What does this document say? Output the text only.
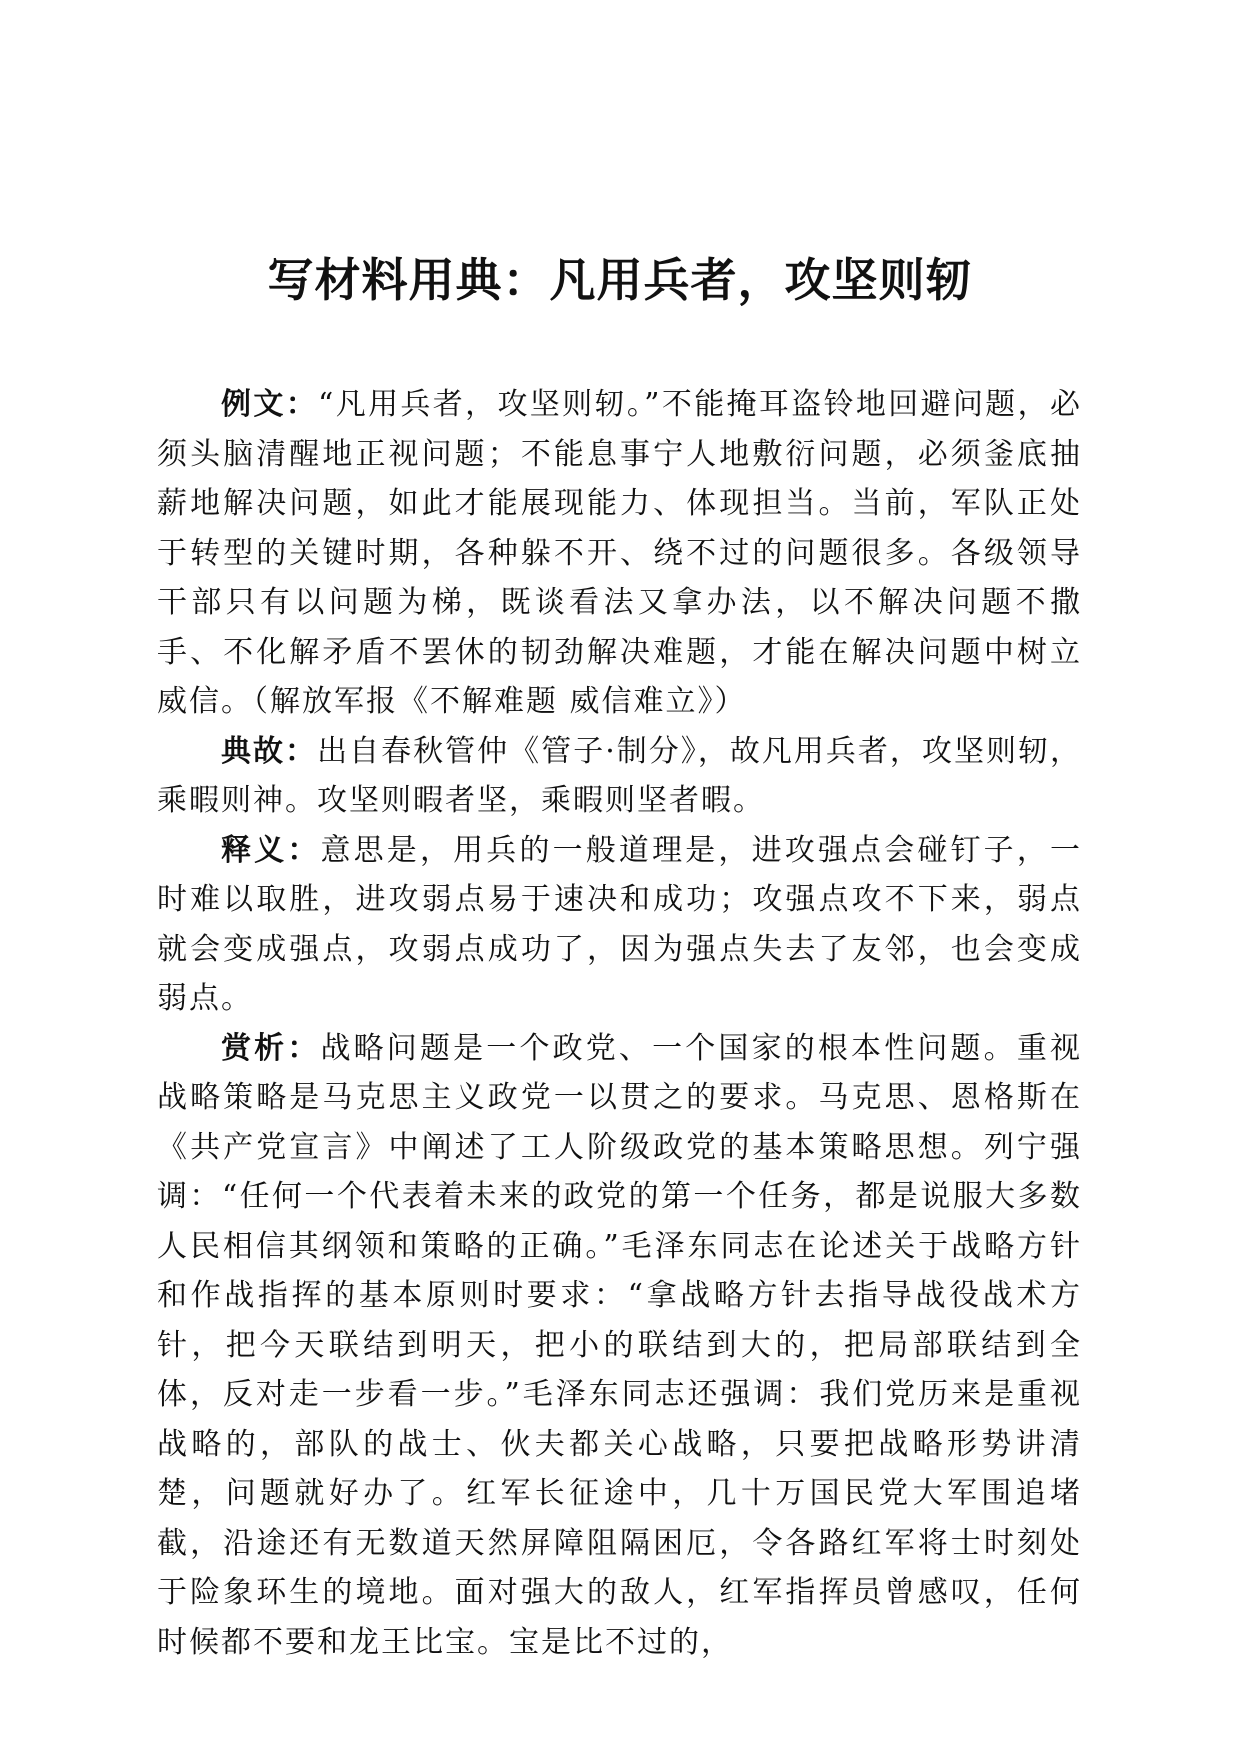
写材料用典：凡用兵者，攻坚则轫

例文：“凡用兵者，攻坚则轫。”不能掩耳盗铃地回避问题，必须头脑清醒地正视问题；不能息事宁人地敷衍问题，必须釜底抽薪地解决问题，如此才能展现能力、体现担当。当前，军队正处于转型的关键时期，各种躲不开、绕不过的问题很多。各级领导干部只有以问题为梯，既谈看法又拿办法，以不解决问题不撒手、不化解矛盾不罢休的韧劲解决难题，才能在解决问题中树立威信。（解放军报《不解难题 威信难立》）

典故：出自春秋管仲《管子·制分》，故凡用兵者，攻坚则轫，乘暇则神。攻坚则暇者坚，乘暇则坚者暇。

释义：意思是，用兵的一般道理是，进攻强点会碰钉子，一时难以取胜，进攻弱点易于速决和成功；攻强点攻不下来，弱点就会变成强点，攻弱点成功了，因为强点失去了友邻，也会变成弱点。

赏析：战略问题是一个政党、一个国家的根本性问题。重视战略策略是马克思主义政党一以贯之的要求。马克思、恩格斯在《共产党宣言》中阐述了工人阶级政党的基本策略思想。列宁强调：“任何一个代表着未来的政党的第一个任务，都是说服大多数人民相信其纲领和策略的正确。”毛泽东同志在论述关于战略方针和作战指挥的基本原则时要求：“拿战略方针去指导战役战术方针，把今天联结到明天，把小的联结到大的，把局部联结到全体，反对走一步看一步。”毛泽东同志还强调：我们党历来是重视战略的，部队的战士、伙夫都关心战略，只要把战略形势讲清楚，问题就好办了。红军长征途中，几十万国民党大军围追堵截，沿途还有无数道天然屏障阻隔困厄，令各路红军将士时刻处于险象环生的境地。面对强大的敌人，红军指挥员曾感叹，任何时候都不要和龙王比宝。宝是比不过的，
